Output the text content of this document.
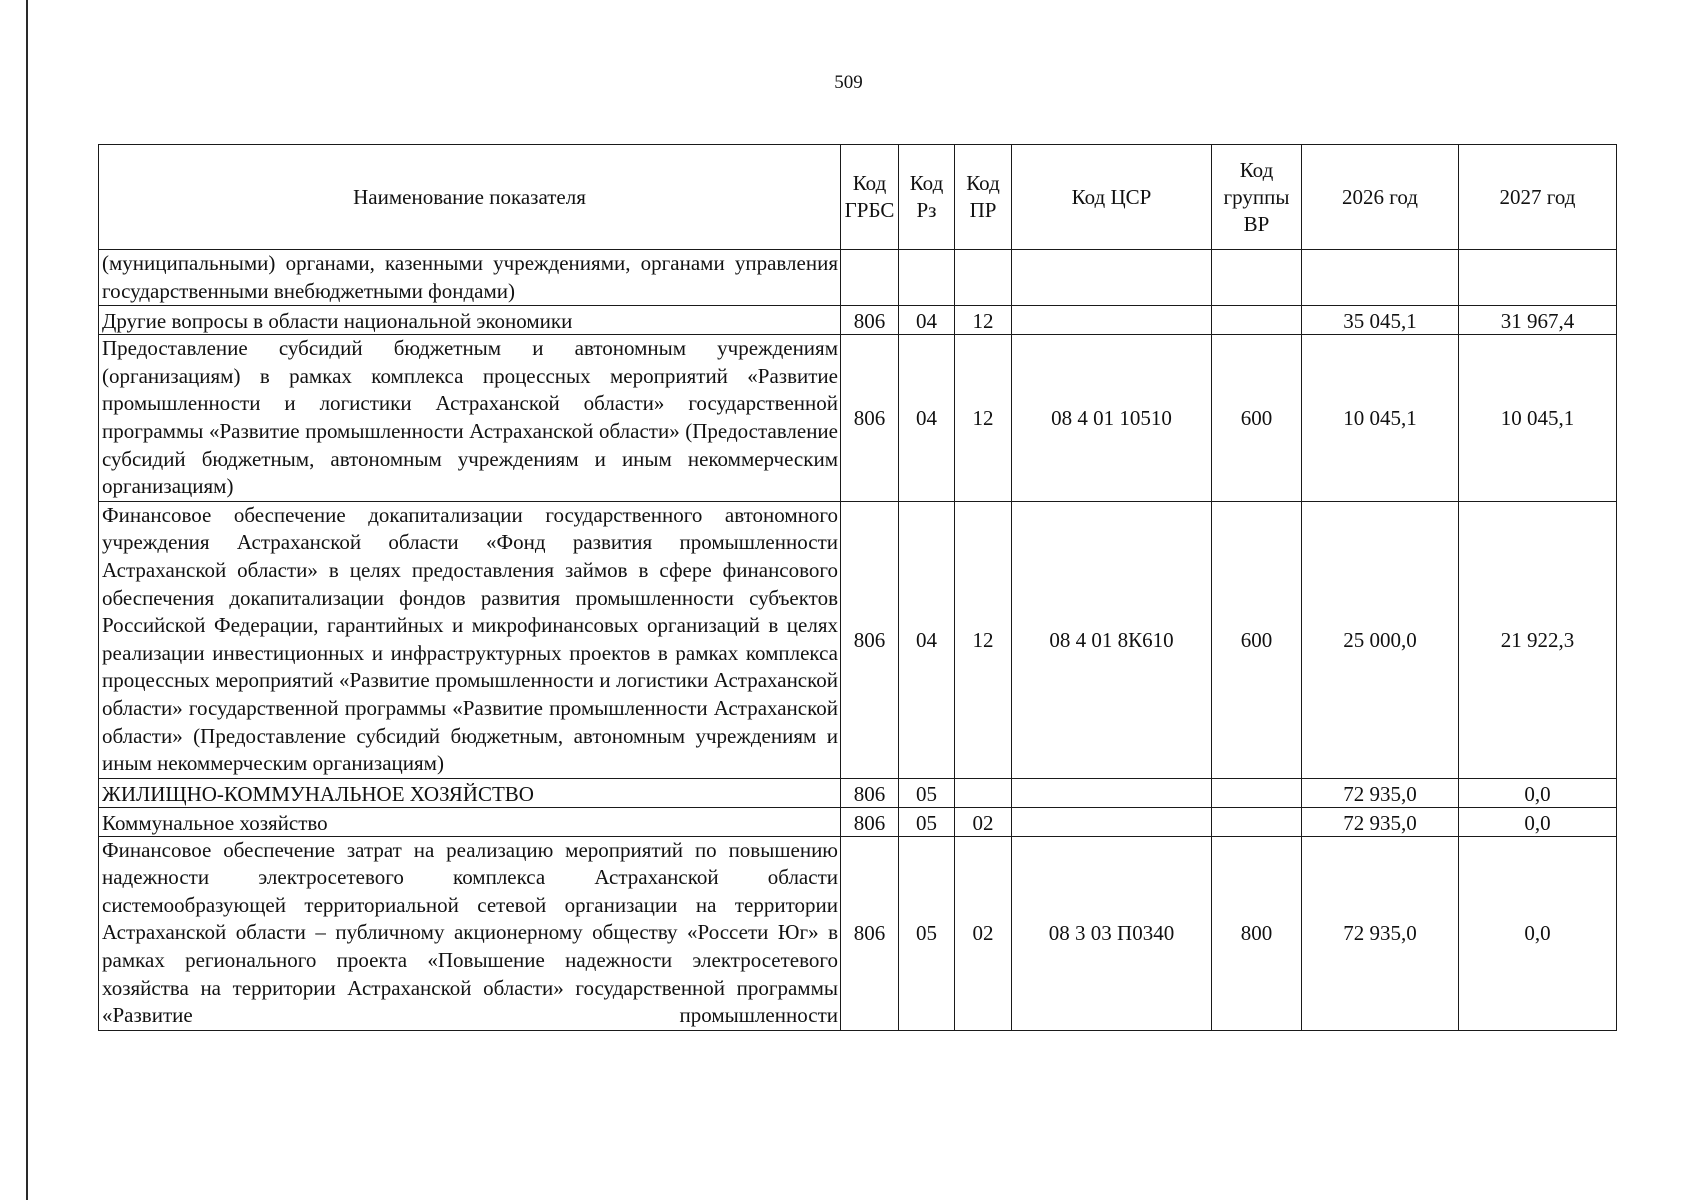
509
Наименование показателя	Код ГРБС	Код Рз	Код ПР	Код ЦСР	Код группы ВР	2026 год	2027 год
(муниципальными) органами, казенными учреждениями, органами управления государственными внебюджетными фондами)							
Другие вопросы в области национальной экономики	806	04	12			35 045,1	31 967,4
Предоставление субсидий бюджетным и автономным учреждениям (организациям) в рамках комплекса процессных мероприятий «Развитие промышленности и логистики Астраханской области» государственной программы «Развитие промышленности Астраханской области» (Предоставление субсидий бюджетным, автономным учреждениям и иным некоммерческим организациям)	806	04	12	08 4 01 10510	600	10 045,1	10 045,1
Финансовое обеспечение докапитализации государственного автономного учреждения Астраханской области «Фонд развития промышленности Астраханской области» в целях предоставления займов в сфере финансового обеспечения докапитализации фондов развития промышленности субъектов Российской Федерации, гарантийных и микрофинансовых организаций в целях реализации инвестиционных и инфраструктурных проектов в рамках комплекса процессных мероприятий «Развитие промышленности и логистики Астраханской области» государственной программы «Развитие промышленности Астраханской области» (Предоставление субсидий бюджетным, автономным учреждениям и иным некоммерческим организациям)	806	04	12	08 4 01 8К610	600	25 000,0	21 922,3
ЖИЛИЩНО-КОММУНАЛЬНОЕ ХОЗЯЙСТВО	806	05				72 935,0	0,0
Коммунальное хозяйство	806	05	02			72 935,0	0,0
Финансовое обеспечение затрат на реализацию мероприятий по повышению надежности электросетевого комплекса Астраханской области системообразующей территориальной сетевой организации на территории Астраханской области – публичному акционерному обществу «Россети Юг» в рамках регионального проекта «Повышение надежности электросетевого хозяйства на территории Астраханской области» государственной программы «Развитие промышленности	806	05	02	08 3 03 П0340	800	72 935,0	0,0
